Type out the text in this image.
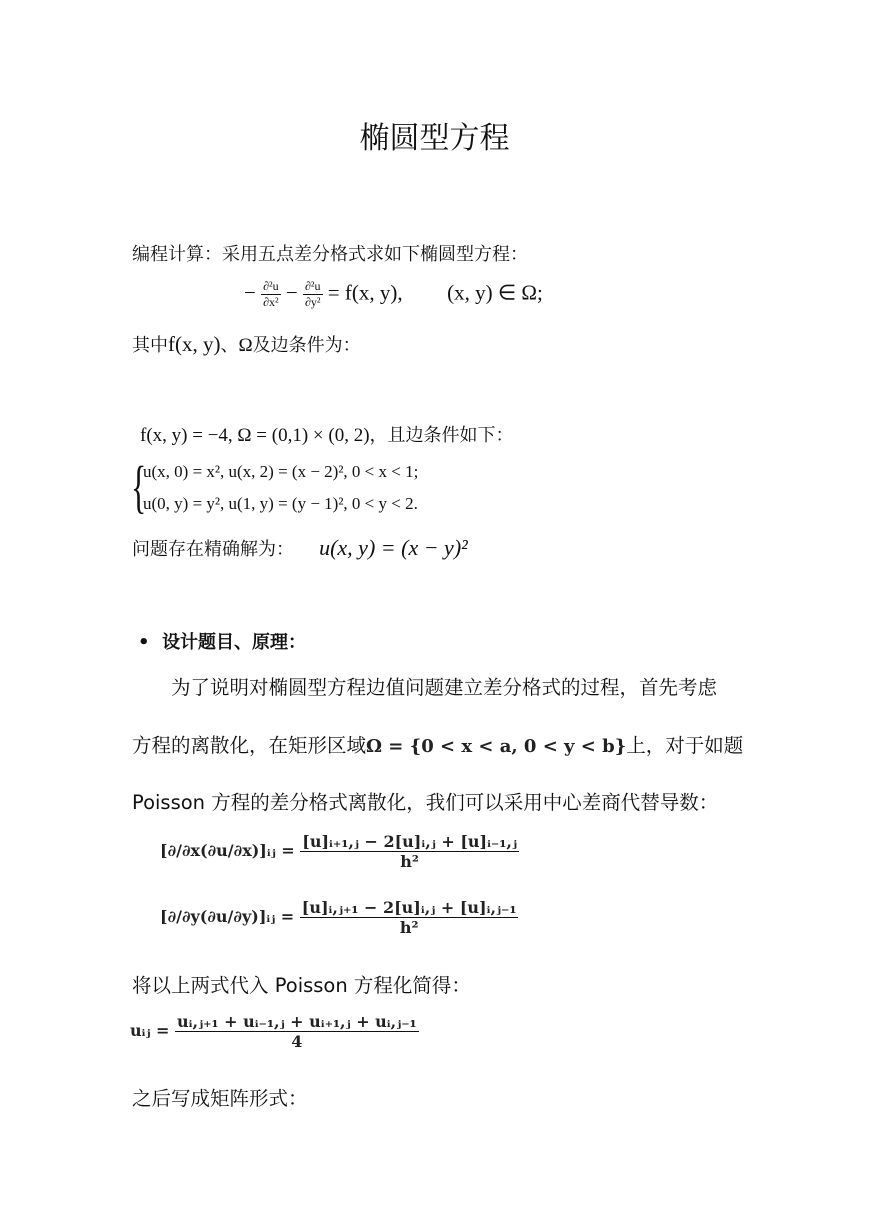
椭圆型方程
编程计算：采用五点差分格式求如下椭圆型方程：
− $\frac{\text{∂²u}}{\text{∂x²}} - \frac{\text{∂²u}}{\text{∂y²}} = f(x$, y), (x, y) ∈ Ω;
其中f(x, y)、Ω及边条件为：
f(x, y) = −4, Ω = (0,1) × (0, 2)，且边条件如下：
{
u(x, 0) = x², u(x, 2) = (x − 2)², 0 < x < 1;
u(0, y) = y², u(1, y) = (y − 1)², 0 < y < 2.
问题存在精确解为： u(x, y) = (x − y)²
• 设计题目、原理：
为了说明对椭圆型方程边值问题建立差分格式的过程，首先考虑
方程的离散化，在矩形区域Ω = {0 < x < a, 0 < y < b}上，对于如题
Poisson 方程的差分格式离散化，我们可以采用中心差商代替导数：
[∂/∂x(∂u/∂x)]ᵢⱼ = $\frac{\text{[u]ᵢ₊₁,ⱼ − 2[u]ᵢ,ⱼ + [u]ᵢ₋₁,ⱼ}}{\text{h²}}$
[∂/∂y(∂u/∂y)]ᵢⱼ = $\frac{\text{[u]ᵢ,ⱼ₊₁ − 2[u]ᵢ,ⱼ + [u]ᵢ,ⱼ₋₁}}{\text{h²}}$
将以上两式代入 Poisson 方程化简得：
uᵢⱼ = $\frac{\text{uᵢ,ⱼ₊₁ + uᵢ₋₁,ⱼ + uᵢ₊₁,ⱼ + uᵢ,ⱼ₋₁}}{4}$
之后写成矩阵形式：
